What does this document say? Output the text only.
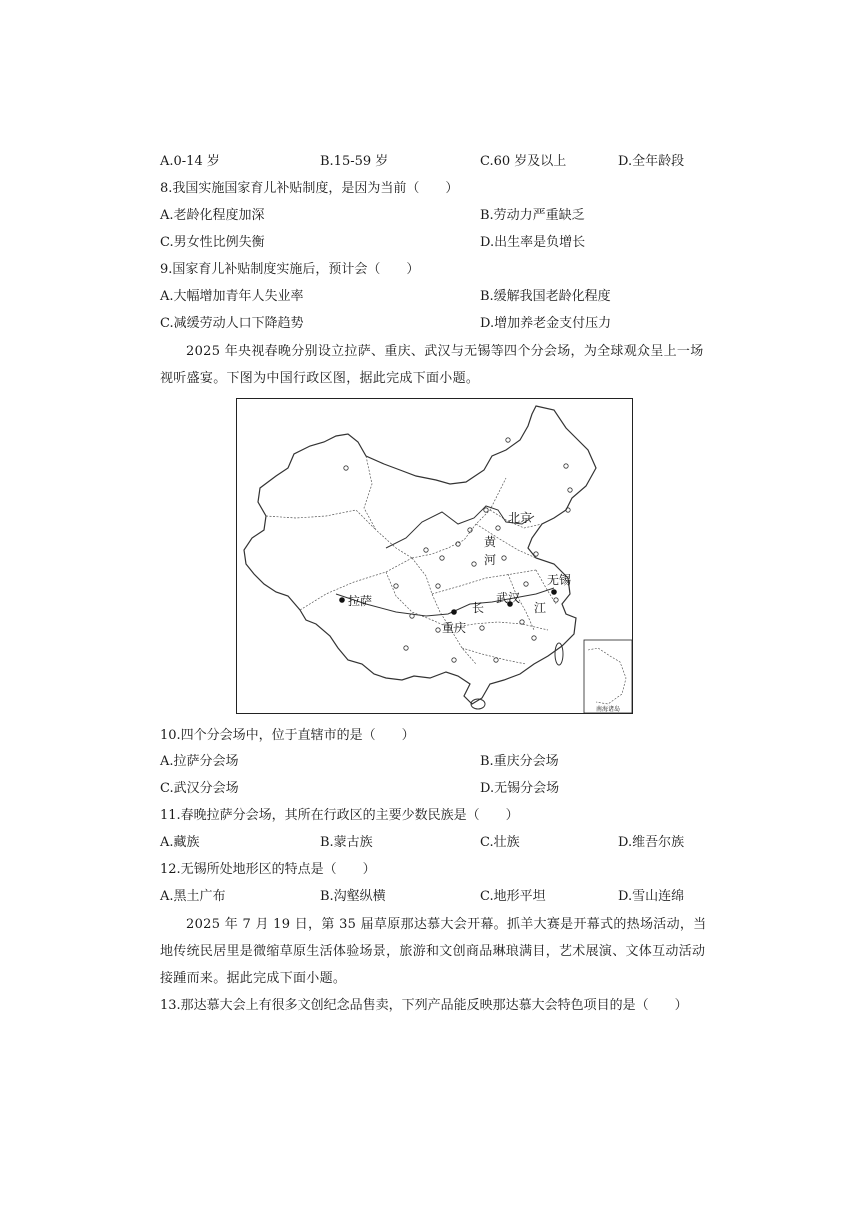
A.0-14 岁	B.15-59 岁	C.60 岁及以上	D.全年龄段
8.我国实施国家育儿补贴制度，是因为当前（　　）
A.老龄化程度加深	B.劳动力严重缺乏
C.男女性比例失衡	D.出生率是负增长
9.国家育儿补贴制度实施后，预计会（　　）
A.大幅增加青年人失业率	B.缓解我国老龄化程度
C.减缓劳动人口下降趋势	D.增加养老金支付压力
2025 年央视春晚分别设立拉萨、重庆、武汉与无锡等四个分会场，为全球观众呈上一场视听盛宴。下图为中国行政区图，据此完成下面小题。
南海诸岛
拉萨
重庆
武汉
无锡
北京
黄
河
长	江
10.四个分会场中，位于直辖市的是（　　）
A.拉萨分会场	B.重庆分会场
C.武汉分会场	D.无锡分会场
11.春晚拉萨分会场，其所在行政区的主要少数民族是（　　）
A.藏族	B.蒙古族	C.壮族	D.维吾尔族
12.无锡所处地形区的特点是（　　）
A.黑土广布	B.沟壑纵横	C.地形平坦	D.雪山连绵
2025 年 7 月 19 日，第 35 届草原那达慕大会开幕。抓羊大赛是开幕式的热场活动，当地传统民居里是微缩草原生活体验场景，旅游和文创商品琳琅满目，艺术展演、文体互动活动接踵而来。据此完成下面小题。
13.那达慕大会上有很多文创纪念品售卖，下列产品能反映那达慕大会特色项目的是（　　）
